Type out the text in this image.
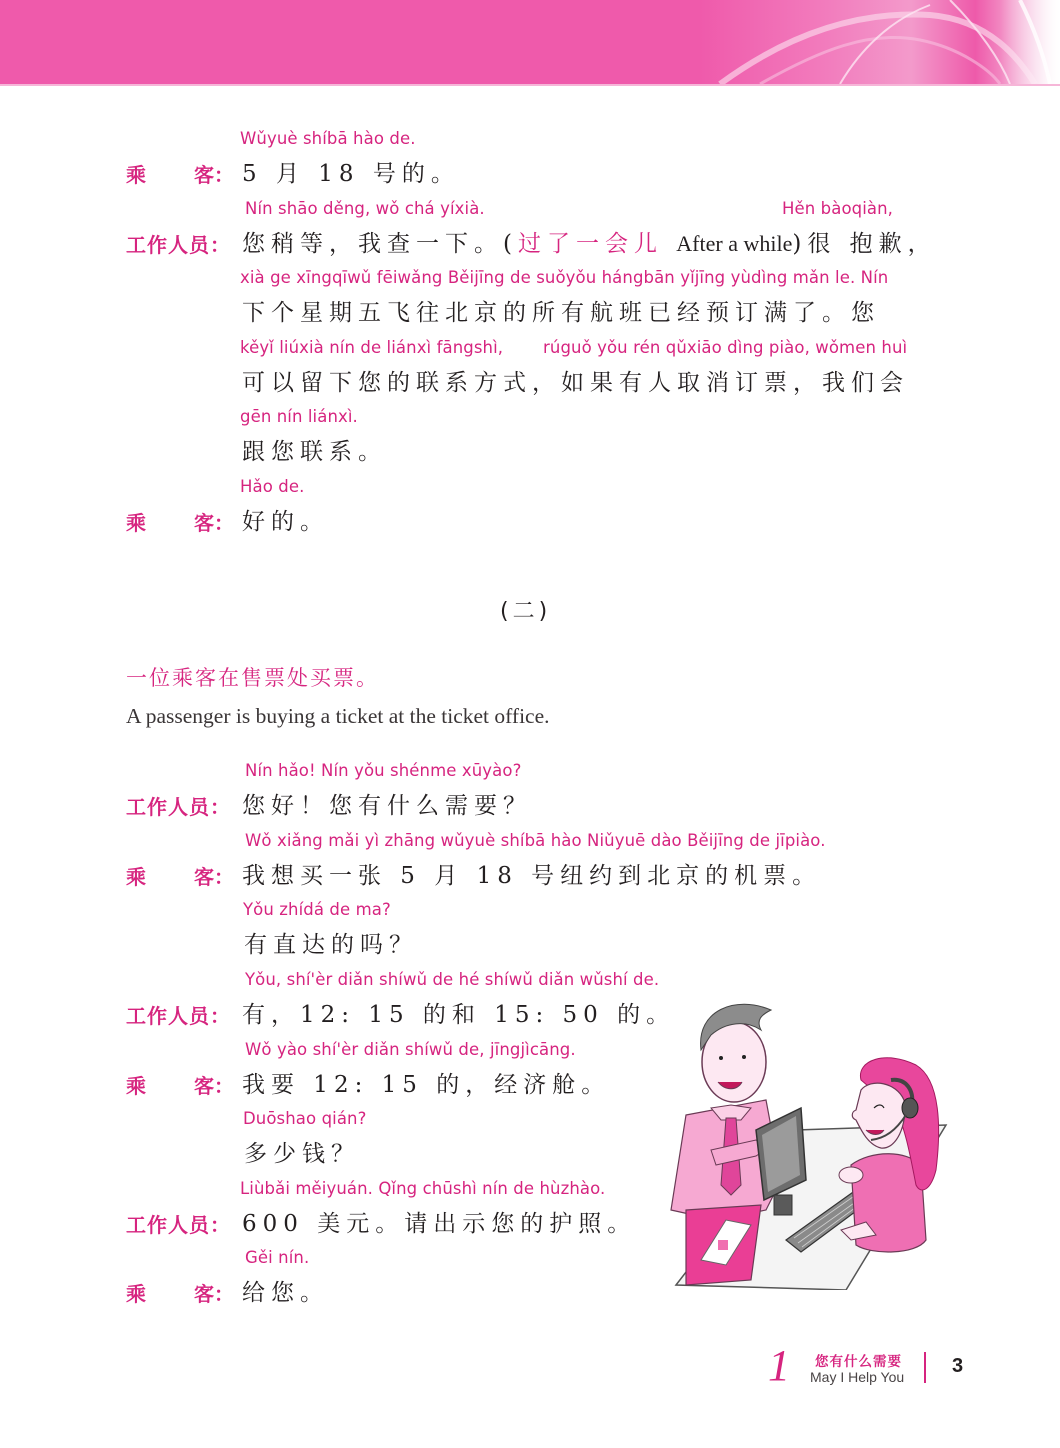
Wǔyuè shíbā hào de.
乘 客： 5 月 18 号的。
Nín shāo děng, wǒ chá yíxià.	Hěn bàoqiàn,
工作人员： 您稍等，我查一下。(过了一会儿 After a while)很 抱歉，
xià ge xīngqīwǔ fēiwǎng Běijīng de suǒyǒu hángbān yǐjīng yùdìng mǎn le. Nín
下个星期五飞往北京的所有航班已经预订满了。您
kěyǐ liúxià nín de liánxì fāngshì, rúguǒ yǒu rén qǔxiāo dìng piào, wǒmen huì
可以留下您的联系方式，如果有人取消订票，我们会
gēn nín liánxì.
跟您联系。
Hǎo de.
乘 客： 好的。
(二)
一位乘客在售票处买票。
A passenger is buying a ticket at the ticket office.
Nín hǎo! Nín yǒu shénme xūyào?
工作人员： 您好！您有什么需要？
Wǒ xiǎng mǎi yì zhāng wǔyuè shíbā hào Niǔyuē dào Běijīng de jīpiào.
乘 客： 我想买一张 5 月 18 号纽约到北京的机票。
Yǒu zhídá de ma?
有直达的吗？
Yǒu, shí'èr diǎn shíwǔ de hé shíwǔ diǎn wǔshí de.
工作人员： 有，12: 15 的和 15: 50 的。
Wǒ yào shí'èr diǎn shíwǔ de, jīngjìcāng.
乘 客： 我要 12: 15 的，经济舱。
Duōshao qián?
多少钱？
Liùbǎi měiyuán. Qǐng chūshì nín de hùzhào.
工作人员： 600 美元。请出示您的护照。
Gěi nín.
乘 客： 给您。
1 您有什么需要
May I Help You 3
